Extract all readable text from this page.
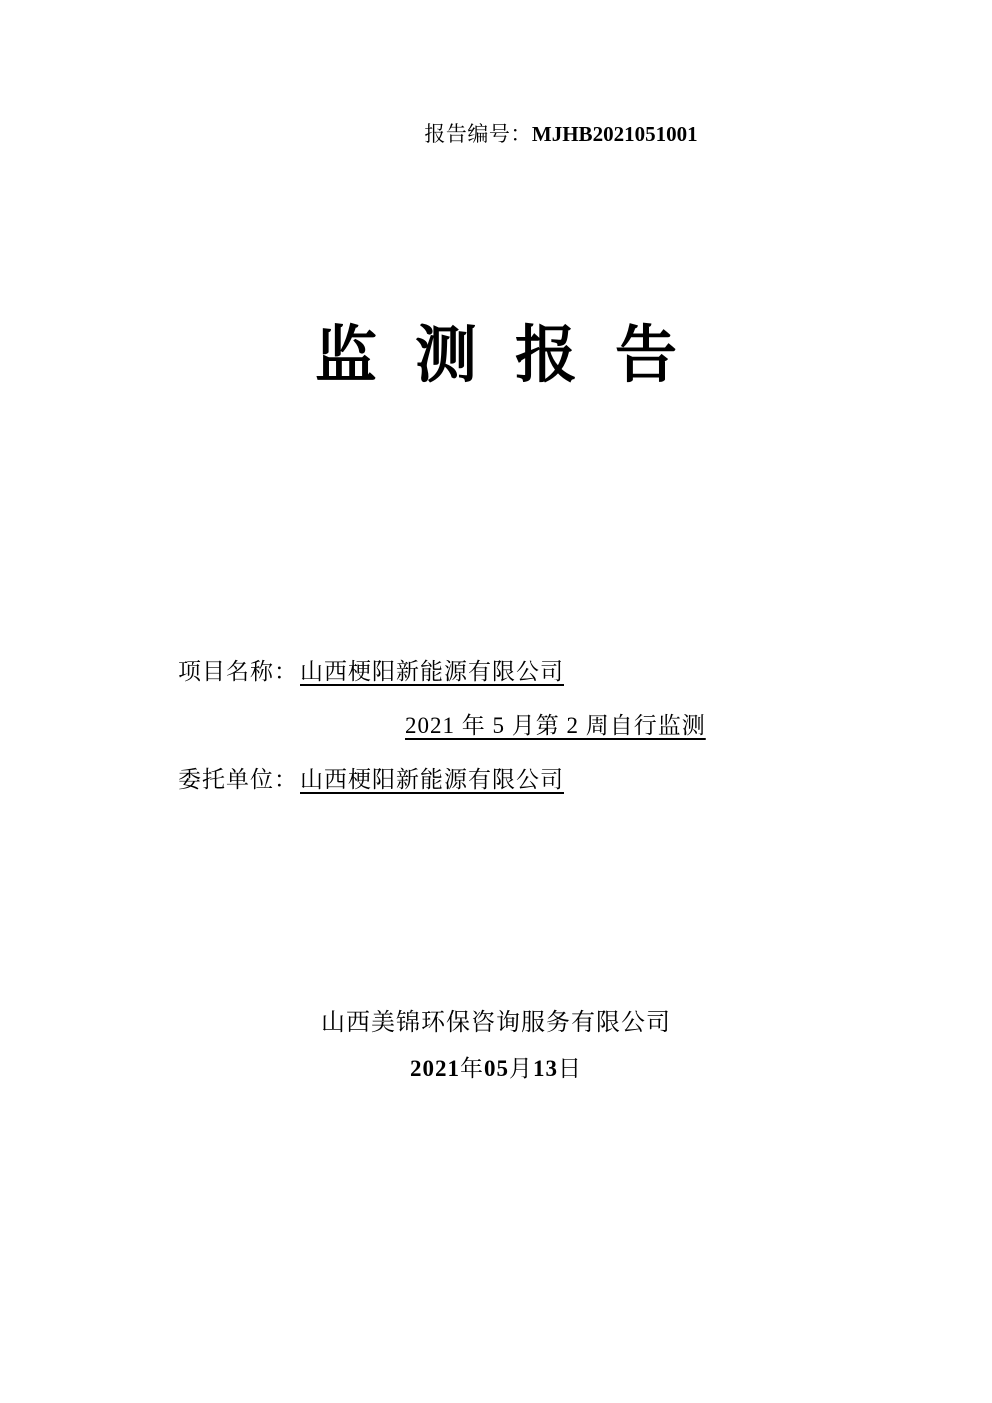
报告编号：MJHB2021051001
监测报告
项目名称： 山西梗阳新能源有限公司
2021 年 5 月第 2 周自行监测
委托单位： 山西梗阳新能源有限公司
山西美锦环保咨询服务有限公司
2021年05月13日
